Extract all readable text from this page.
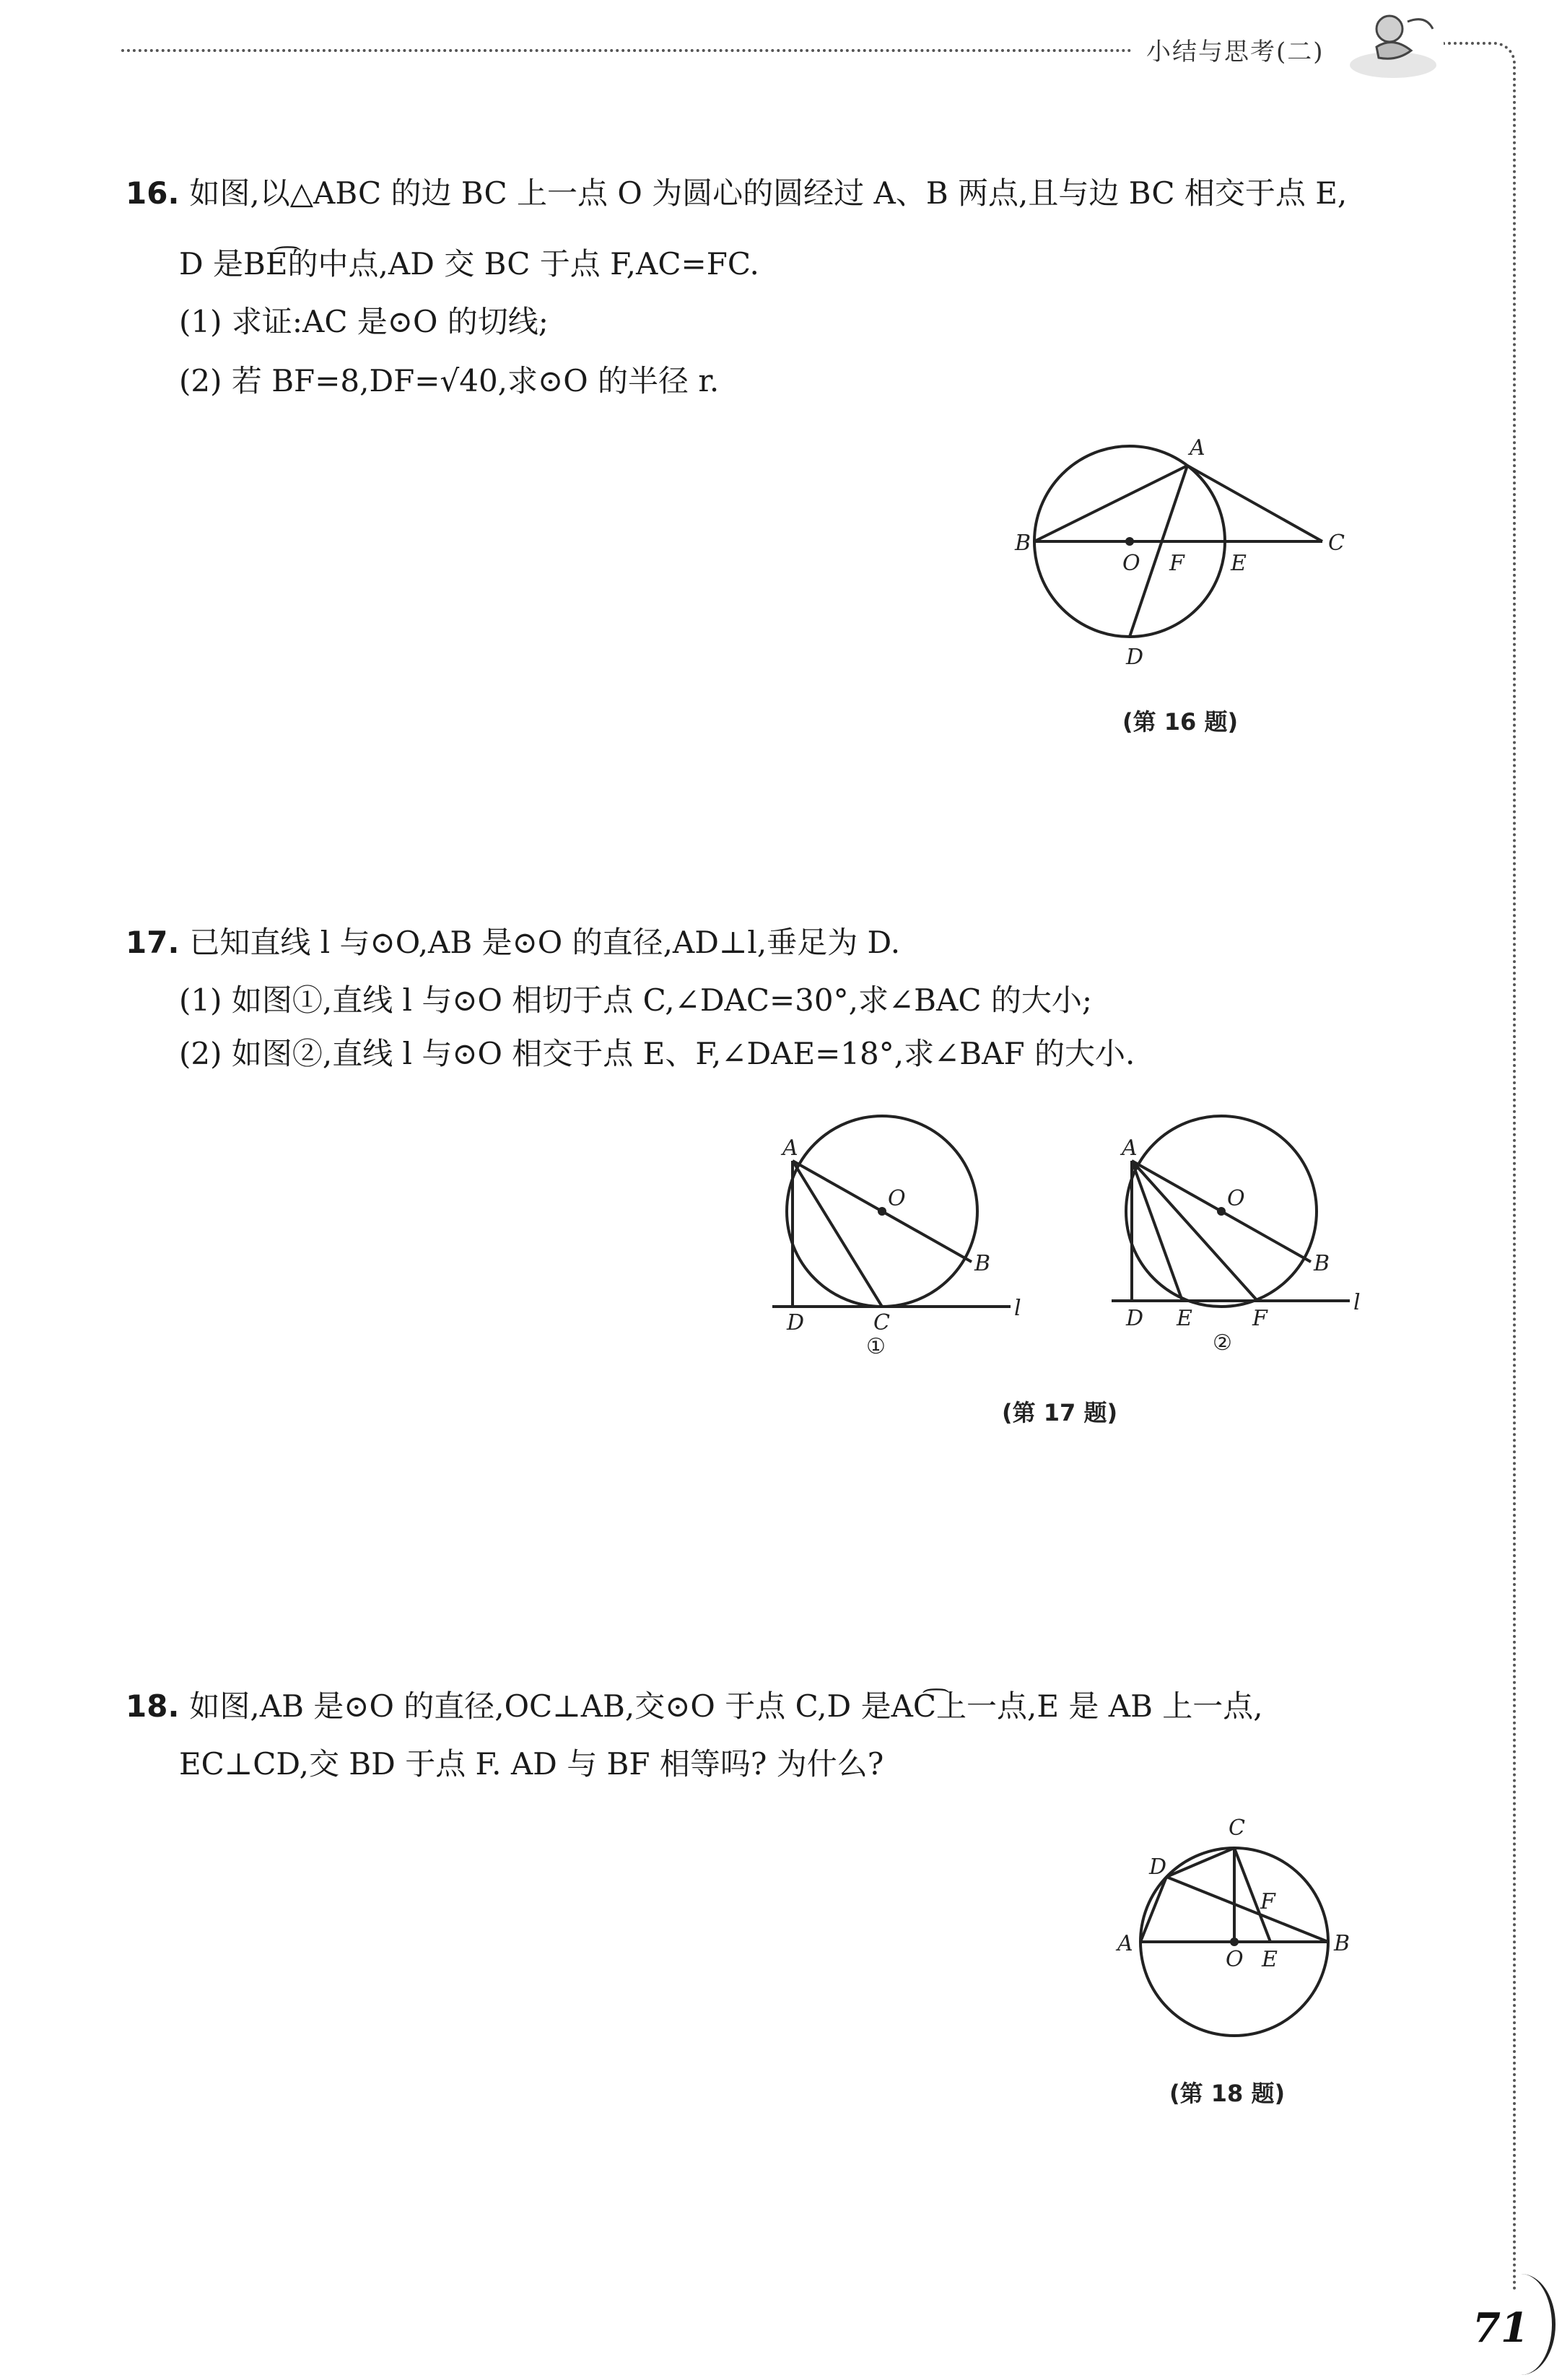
小结与思考(二)
16. 如图,以△ABC 的边 BC 上一点 O 为圆心的圆经过 A、B 两点,且与边 BC 相交于点 E,
D 是BE͡的中点,AD 交 BC 于点 F,AC=FC.
(1) 求证:AC 是⊙O 的切线;
(2) 若 BF=8,DF=√40,求⊙O 的半径 r.
A
B	C
D
E
F
O
(第 16 题)
17. 已知直线 l 与⊙O,AB 是⊙O 的直径,AD⊥l,垂足为 D.
(1) 如图①,直线 l 与⊙O 相切于点 C,∠DAC=30°,求∠BAC 的大小;
(2) 如图②,直线 l 与⊙O 相交于点 E、F,∠DAE=18°,求∠BAF 的大小.
A
B
C
D
O
l
①
A
B
D E	F
O
l
②
(第 17 题)
18. 如图,AB 是⊙O 的直径,OC⊥AB,交⊙O 于点 C,D 是AC͡上一点,E 是 AB 上一点,
EC⊥CD,交 BD 于点 F. AD 与 BF 相等吗? 为什么?
C
D
F
A	B
O E
(第 18 题)
71
